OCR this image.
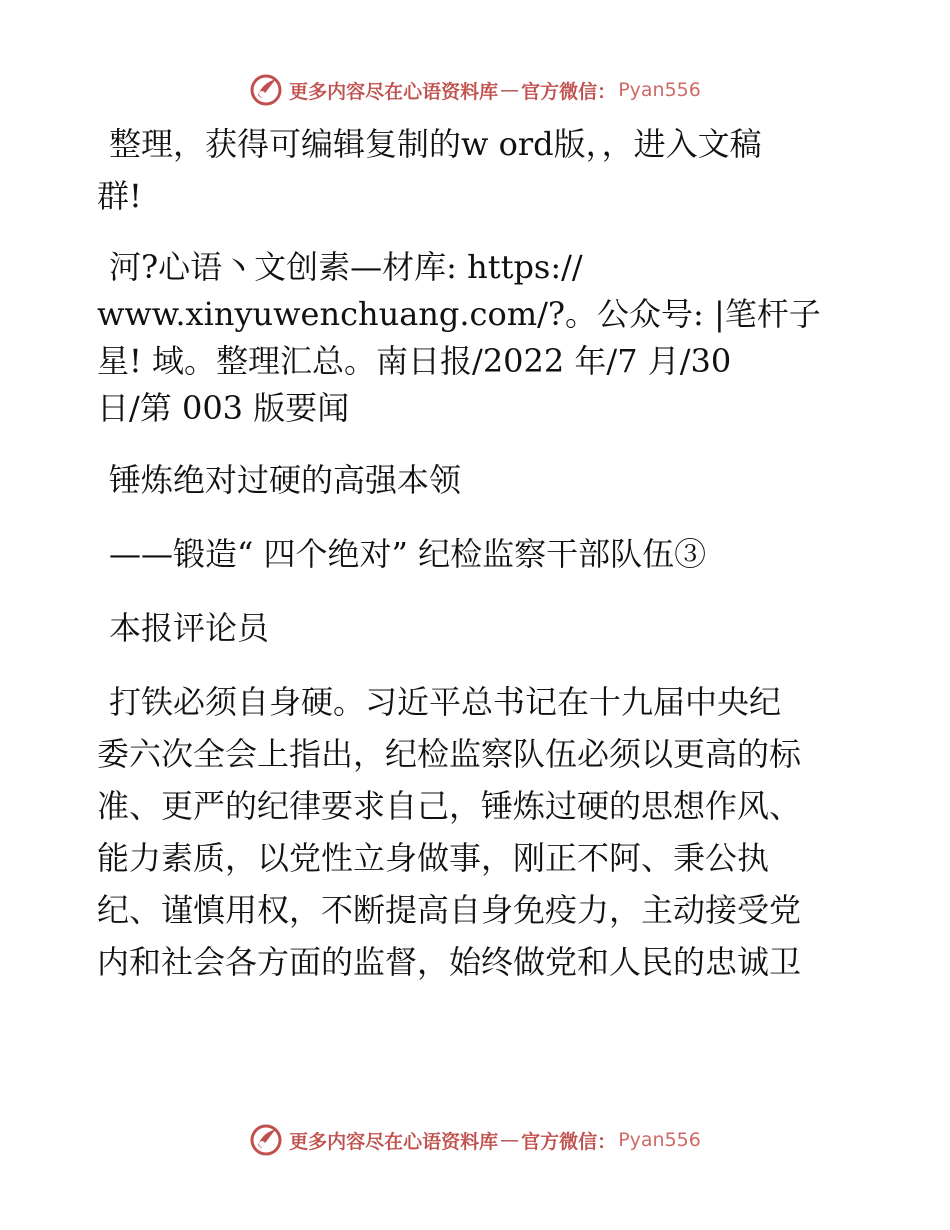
更多内容尽在心语资料库 — 官方微信： Pyan556
整理，获得可编辑复制的w ord版，，进入文稿
群!
河?心语丶文创素—材库: https://
www.xinyuwenchuang.com/?。公众号: |笔杆子
星! 域。整理汇总。南日报/2022 年/7 月/30
日/第 003 版要闻
锤炼绝对过硬的高强本领
——锻造“ 四个绝对” 纪检监察干部队伍③
本报评论员
打铁必须自身硬。习近平总书记在十九届中央纪
委六次全会上指出，纪检监察队伍必须以更高的标
准、更严的纪律要求自己，锤炼过硬的思想作风、
能力素质，以党性立身做事，刚正不阿、秉公执
纪、谨慎用权，不断提高自身免疫力，主动接受党
内和社会各方面的监督，始终做党和人民的忠诚卫
更多内容尽在心语资料库 — 官方微信： Pyan556
